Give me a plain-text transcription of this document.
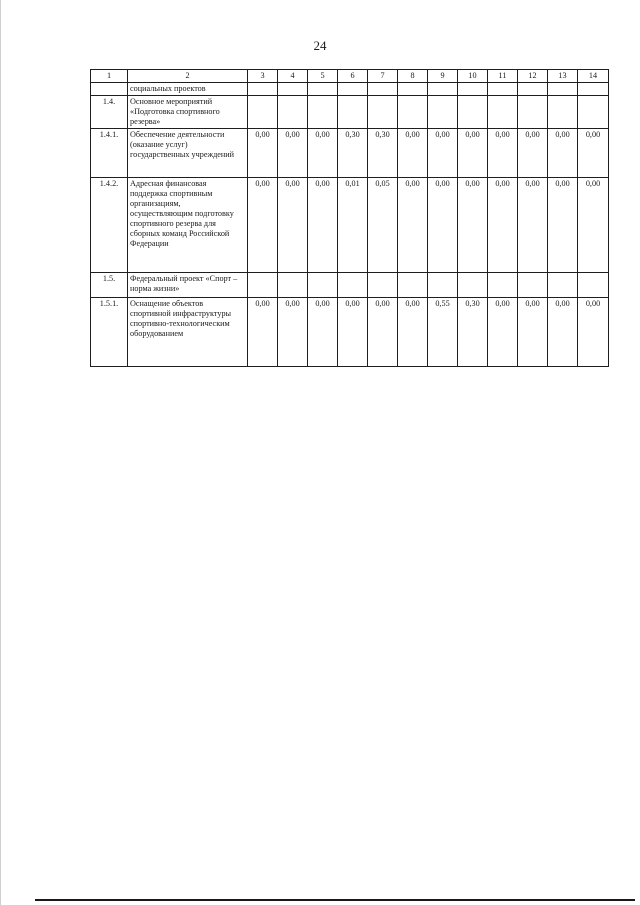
24
1	2	3	4	5	6	7	8	9	10	11	12	13	14
	социальных проектов												
1.4.	Основное мероприятий «Подготовка спортивного резерва»												
1.4.1.	Обеспечение деятельности (оказание услуг) государственных учреждений	0,00	0,00	0,00	0,30	0,30	0,00	0,00	0,00	0,00	0,00	0,00	0,00
1.4.2.	Адресная финансовая поддержка спортивным организациям, осуществляющим подготовку спортивного резерва для сборных команд Российской Федерации	0,00	0,00	0,00	0,01	0,05	0,00	0,00	0,00	0,00	0,00	0,00	0,00
1.5.	Федеральный проект «Спорт – норма жизни»												
1.5.1.	Оснащение объектов спортивной инфраструктуры спортивно-технологическим оборудованием	0,00	0,00	0,00	0,00	0,00	0,00	0,55	0,30	0,00	0,00	0,00	0,00
